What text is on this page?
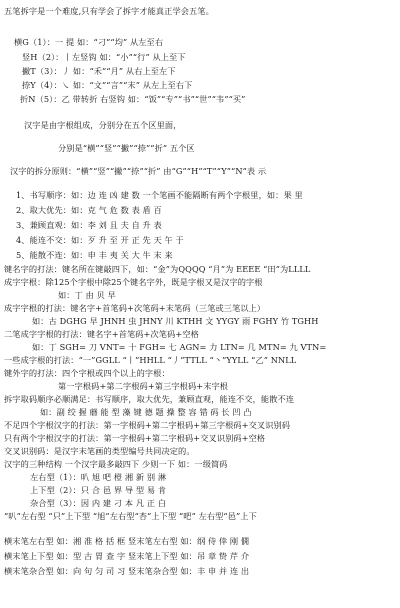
五笔拆字是一个难度,只有学会了拆字才能真正学会五笔。
横G（1）：一 提 如：“刁”“均” 从左至右
竖H（2）：丨左竖钩 如：“小”“行” 从上至下
撇T（3）：丿 如：“禾”“月” 从右上至左下
捺Y（4）：㇏ 如：“文”“言”“末” 从左上至右下
折N（5）：乙 带转折 右竖钩 如：“饭”“专”“书”“世”“韦”“买”
汉字是由字根组成，分别分在五个区里面，
分别是“横”“竖”“撇”“捺”“折” 五个区
汉字的拆分原则：“横”“竖”“撇”“捺”“折” 由“G”“H”“T”“Y”“N”表 示
1、书写顺序：如：边 连 凶 建 数 一个笔画不能隔断有两个字根里，如：果 里
2、取大优先：如：克 气 危 数 表 盾 百
3、兼顾直观：如：李 刘 且 夫 自 升 表
4、能连不交：如：歹 升 至 开 正 先 天 午 于
5、能散不连：如：申 丰 夷 关 大 牛 末 来
键名字的打法：键名所在键敲四下，如：“金”为QQQQ “月”为 EEEE “田”为LLLL
成字字根：除125个字根中除25个键名字外，既是字根又是汉字的字根
如：丁 由 贝 早
成字字根的打法：键名字+首笔码+次笔码+末笔码（三笔或三笔以上）
如：古 DGHG 早 JHNH 虫 JHNY 川 KTHH 文 YYGY 雨 FGHY 竹 TGHH
二笔成字字根的打法：键名字+首笔码+次笔码+空格
如：丁 SGH= 刀 VNT= 十 FGH= 七 AGN= 力 LTN= 几 MTN= 九 VTN=
一些成字根的打法：“一”GGLL “丨”HHLL “丿”TTLL “丶”YYLL “乙” NNLL
键外字的打法：四个字根或四个以上的字根：
第一字根码+第二字根码+第三字根码+末字根
拆字取码顺序必顺满足：书写顺序，取大优先，兼顾直观，能连不交，能散不连
如：副 绞 握 蘑 能 型 藻 键 德 题 操 整 容 错 码 长 凹 凸
不足四个字根汉字的打法：第一字根码+第二字根码+第三字根码+交叉识别码
只有两个字根汉字的打法：第一字根码+第二字根码+交叉识别码+空格
交叉识别码：是汉字末笔画的类型编号共同决定的。
汉字的三种结构 一个汉字最多敲四下 少则一下 如：一级简码
左右型（1）：叭 旭 吧 橙 湘 新 别 淋
上下型（2）：只 合 邑 界 导 型 易 肯
杂合型（3）：因 内 建 刁 本 凡 正 白
“叭”左右型 “只”上下型 “旭”左右型“杏”上下型 “吧” 左右型“邑”上下
横末笔左右型 如：湘 准 格 括 框 竖末笔左右型 如：纲 侍 倖 刚 僩
横末笔上下型 如：型 古 胃 查 字 竖末笔上下型 如：吊 章 贽 芹 介
横末笔杂合型 如：向 句 匀 司 习 竖末笔杂合型 如：丰 申 并 连 出
